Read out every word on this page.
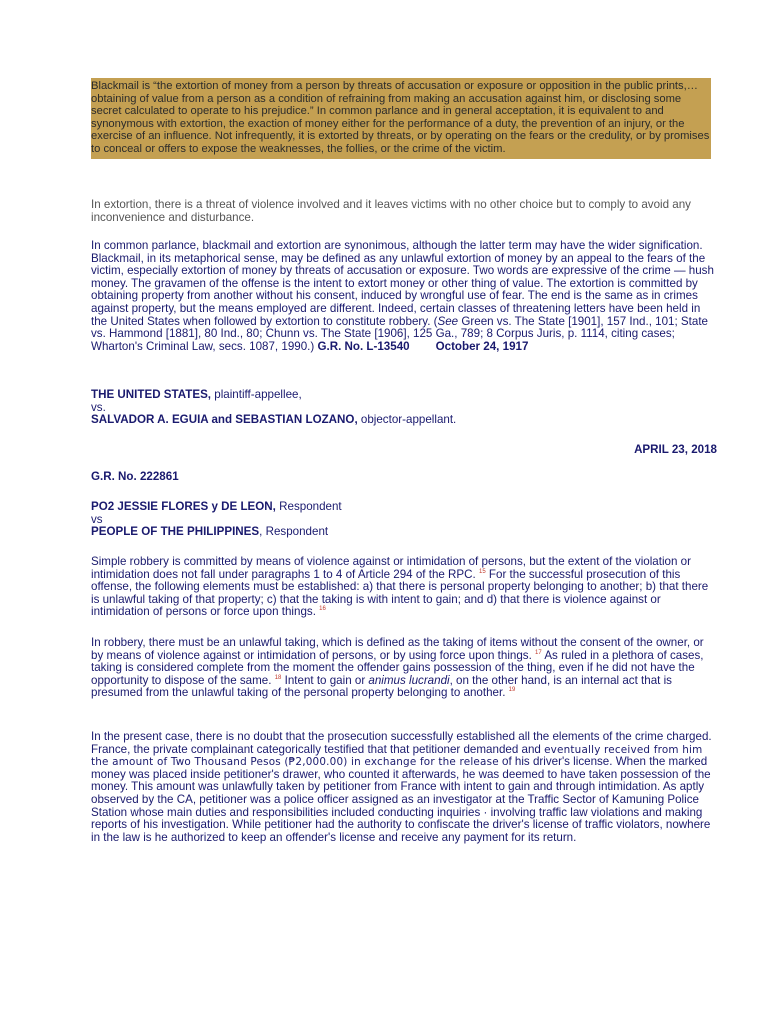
Blackmail is “the extortion of money from a person by threats of accusation or exposure or opposition in the public prints,…obtaining of value from a person as a condition of refraining from making an accusation against him, or disclosing some secret calculated to operate to his prejudice.” In common parlance and in general acceptation, it is equivalent to and synonymous with extortion, the exaction of money either for the performance of a duty, the prevention of an injury, or the exercise of an influence. Not infrequently, it is extorted by threats, or by operating on the fears or the credulity, or by promises to conceal or offers to expose the weaknesses, the follies, or the crime of the victim.

In extortion, there is a threat of violence involved and it leaves victims with no other choice but to comply to avoid any inconvenience and disturbance.

In common parlance, blackmail and extortion are synonimous, although the latter term may have the wider signification. Blackmail, in its metaphorical sense, may be defined as any unlawful extortion of money by an appeal to the fears of the victim, especially extortion of money by threats of accusation or exposure. Two words are expressive of the crime — hush money. The gravamen of the offense is the intent to extort money or other thing of value. The extortion is committed by obtaining property from another without his consent, induced by wrongful use of fear. The end is the same as in crimes against property, but the means employed are different. Indeed, certain classes of threatening letters have been held in the United States when followed by extortion to constitute robbery. (See Green vs. The State [1901], 157 Ind., 101; State vs. Hammond [1881], 80 Ind., 80; Chunn vs. The State [1906], 125 Ga., 789; 8 Corpus Juris, p. 1114, citing cases; Wharton's Criminal Law, secs. 1087, 1990.) G.R. No. L-13540 October 24, 1917

THE UNITED STATES, plaintiff-appellee,

vs.

SALVADOR A. EGUIA and SEBASTIAN LOZANO, objector-appellant.

APRIL 23, 2018

G.R. No. 222861

PO2 JESSIE FLORES y DE LEON, Respondent

vs

PEOPLE OF THE PHILIPPINES, Respondent

Simple robbery is committed by means of violence against or intimidation of persons, but the extent of the violation or intimidation does not fall under paragraphs 1 to 4 of Article 294 of the RPC. $^{15}$ For the successful prosecution of this offense, the following elements must be established: a) that there is personal property belonging to another; b) that there is unlawful taking of that property; c) that the taking is with intent to gain; and d) that there is violence against or intimidation of persons or force upon things. $^{16}$

In robbery, there must be an unlawful taking, which is defined as the taking of items without the consent of the owner, or by means of violence against or intimidation of persons, or by using force upon things. $^{17}$ As ruled in a plethora of cases, taking is considered complete from the moment the offender gains possession of the thing, even if he did not have the opportunity to dispose of the same. $^{18}$ Intent to gain or animus lucrandi, on the other hand, is an internal act that is presumed from the unlawful taking of the personal property belonging to another. $^{19}$

In the present case, there is no doubt that the prosecution successfully established all the elements of the crime charged. France, the private complainant categorically testified that that petitioner demanded and eventually received from him the amount of Two Thousand Pesos (₱2,000.00) in exchange for the release of his driver's license. When the marked money was placed inside petitioner's drawer, who counted it afterwards, he was deemed to have taken possession of the money. This amount was unlawfully taken by petitioner from France with intent to gain and through intimidation. As aptly observed by the CA, petitioner was a police officer assigned as an investigator at the Traffic Sector of Kamuning Police Station whose main duties and responsibilities included conducting inquiries · involving traffic law violations and making reports of his investigation. While petitioner had the authority to confiscate the driver's license of traffic violators, nowhere in the law is he authorized to keep an offender's license and receive any payment for its return.
